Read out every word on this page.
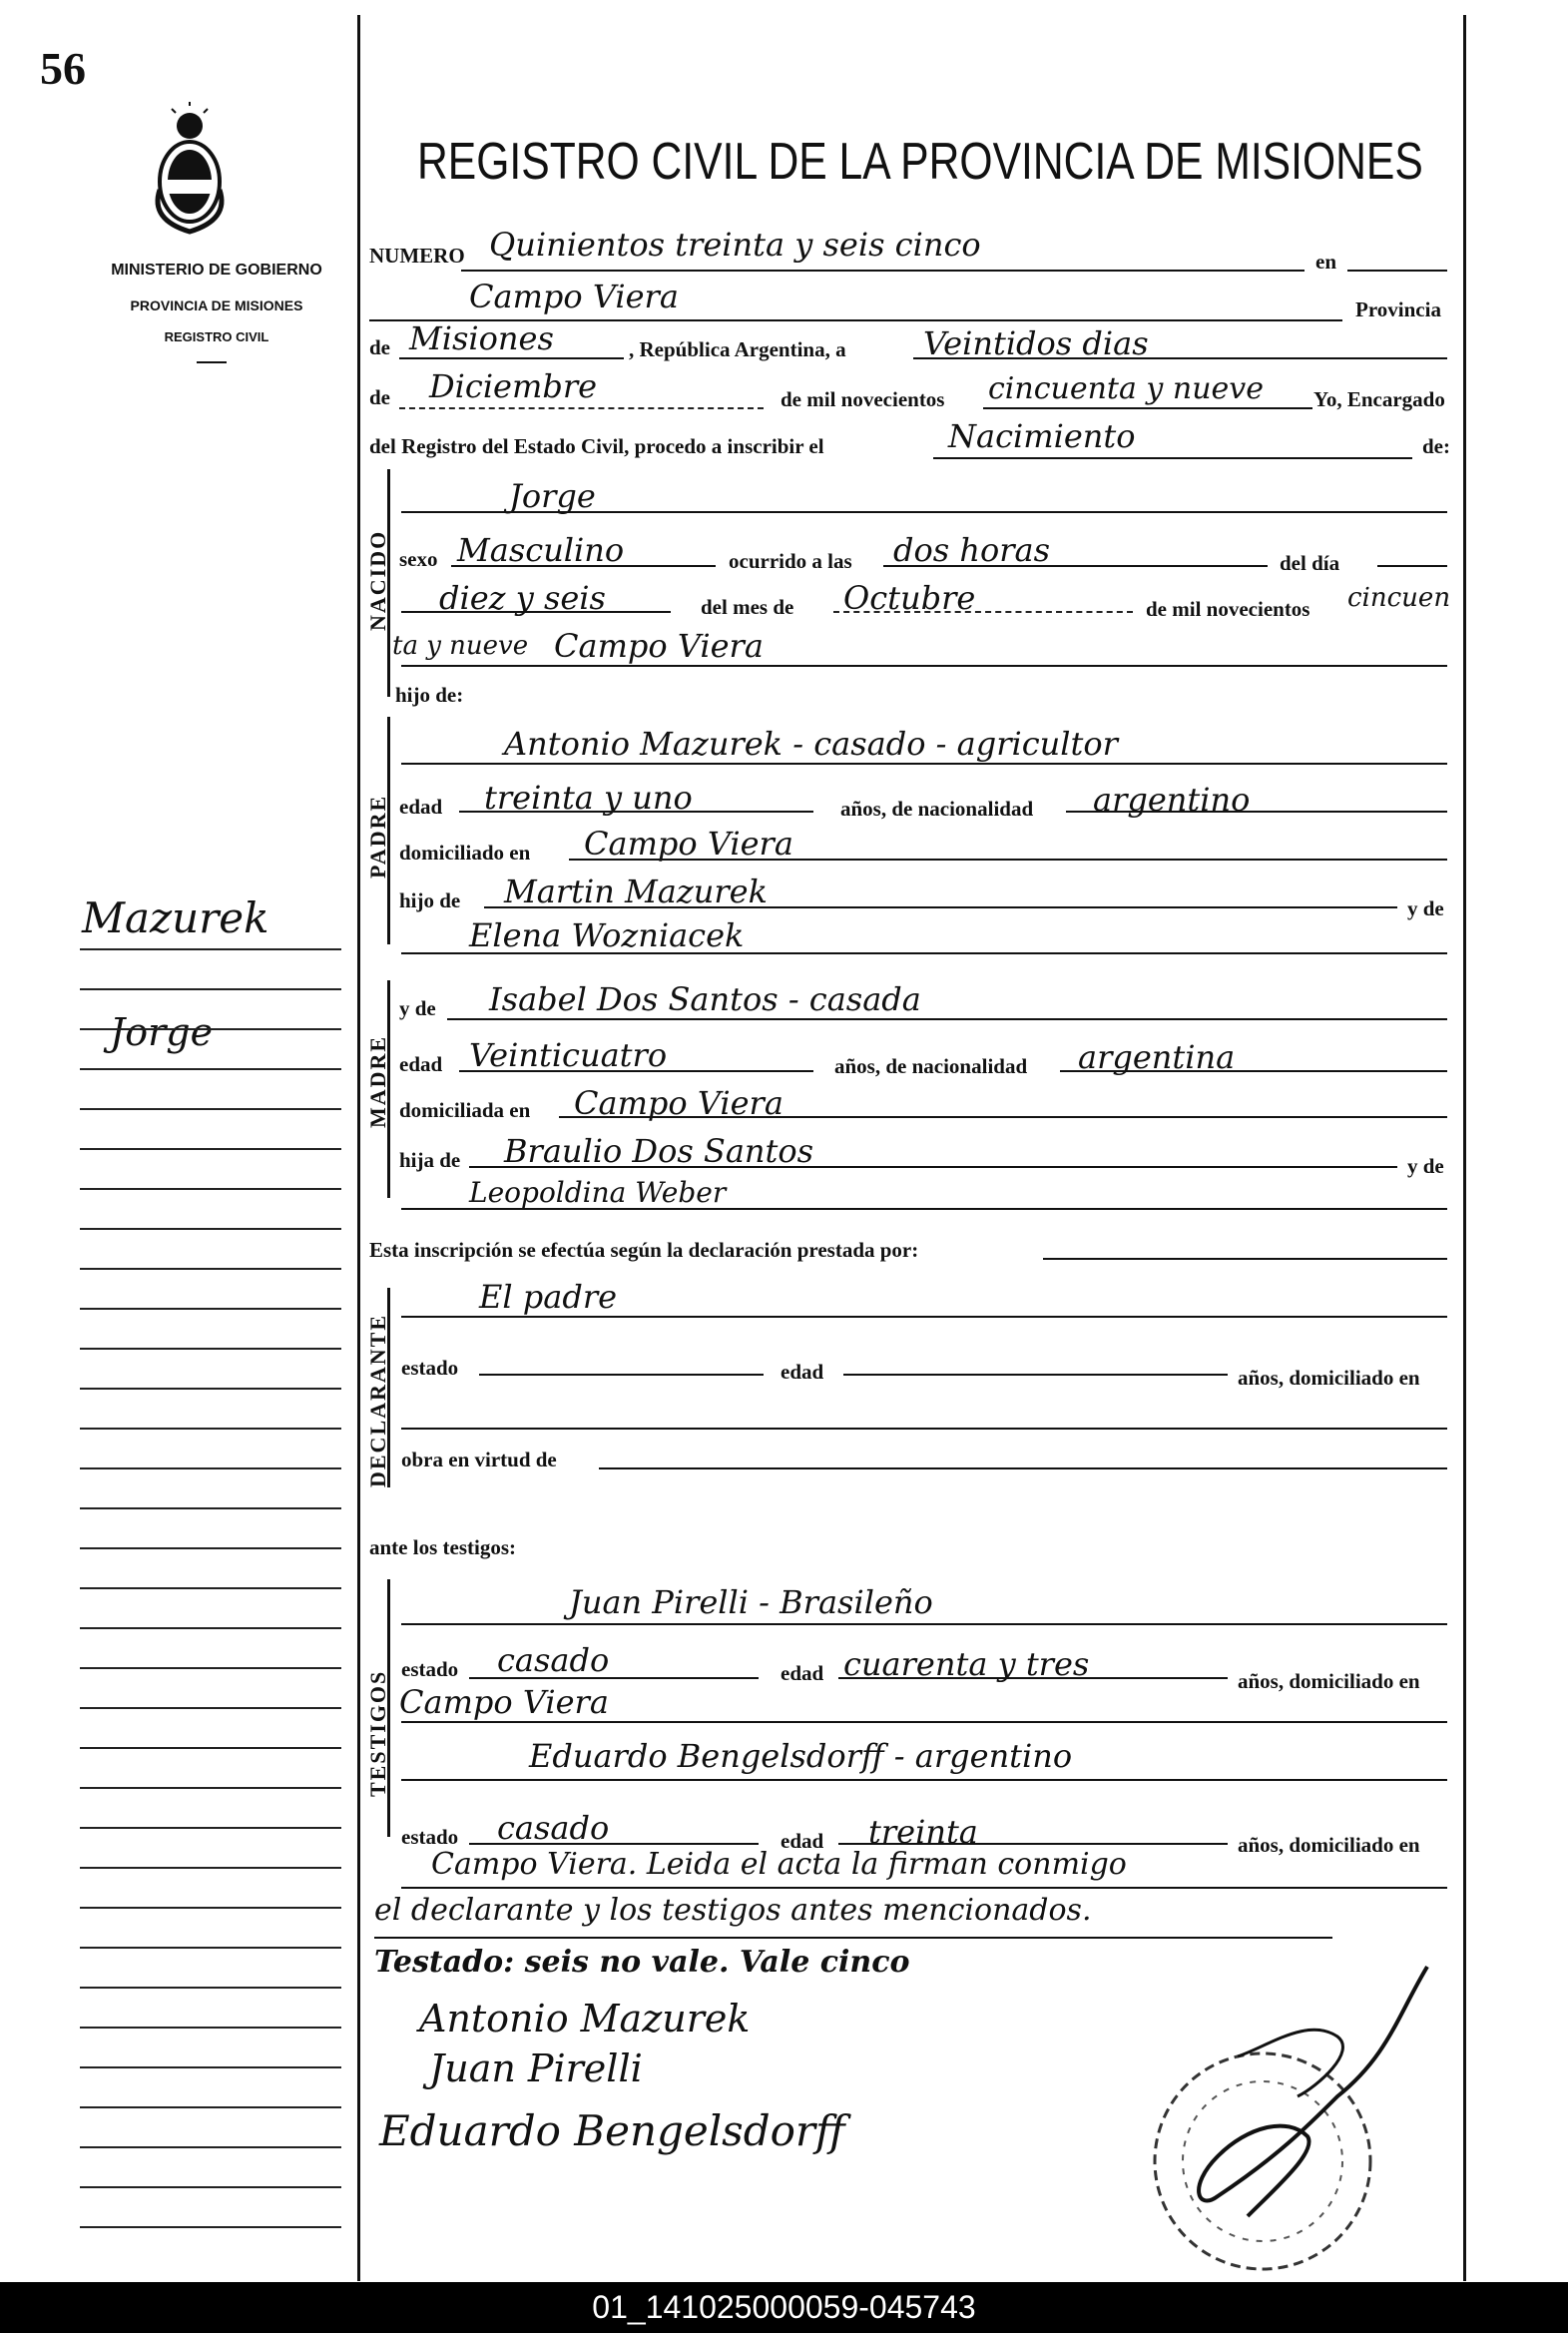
56
MINISTERIO DE GOBIERNO
PROVINCIA DE MISIONES
REGISTRO CIVIL
REGISTRO CIVIL DE LA PROVINCIA DE MISIONES
Mazurek
Jorge
NUMERO Quinientos treinta y seis cinco	en
Campo Viera	Provincia
de Misiones	, República Argentina, a Veintidos dias
de Diciembre	de mil novecientos cincuenta y nueve Yo, Encargado
del Registro del Estado Civil, procedo a inscribir el	Nacimiento	de:
NACIDO
Jorge
sexo Masculino	ocurrido a las dos horas	del día
diez y seis	del mes de Octubre	de mil novecientos cincuen
ta y nueve Campo Viera
hijo de:
PADRE
Antonio Mazurek - casado - agricultor
edad treinta y uno	años, de nacionalidad argentino
domiciliado en Campo Viera
hijo de Martin Mazurek	y de
Elena Wozniacek
MADRE
y de Isabel Dos Santos - casada
edad Veinticuatro	años, de nacionalidad argentina
domiciliada en Campo Viera
hija de Braulio Dos Santos	y de
Leopoldina Weber
Esta inscripción se efectúa según la declaración prestada por:
DECLARANTE
El padre
estado	edad	años, domiciliado en
obra en virtud de
ante los testigos:
TESTIGOS
Juan Pirelli - Brasileño
estado casado	edad cuarenta y tres	años, domiciliado en
Campo Viera
Eduardo Bengelsdorff - argentino
estado casado	edad treinta	años, domiciliado en
Campo Viera. Leida el acta la firman conmigo
el declarante y los testigos antes mencionados.
Testado: seis no vale. Vale cinco
Antonio Mazurek
Juan Pirelli
Eduardo Bengelsdorff
01_141025000059-045743
